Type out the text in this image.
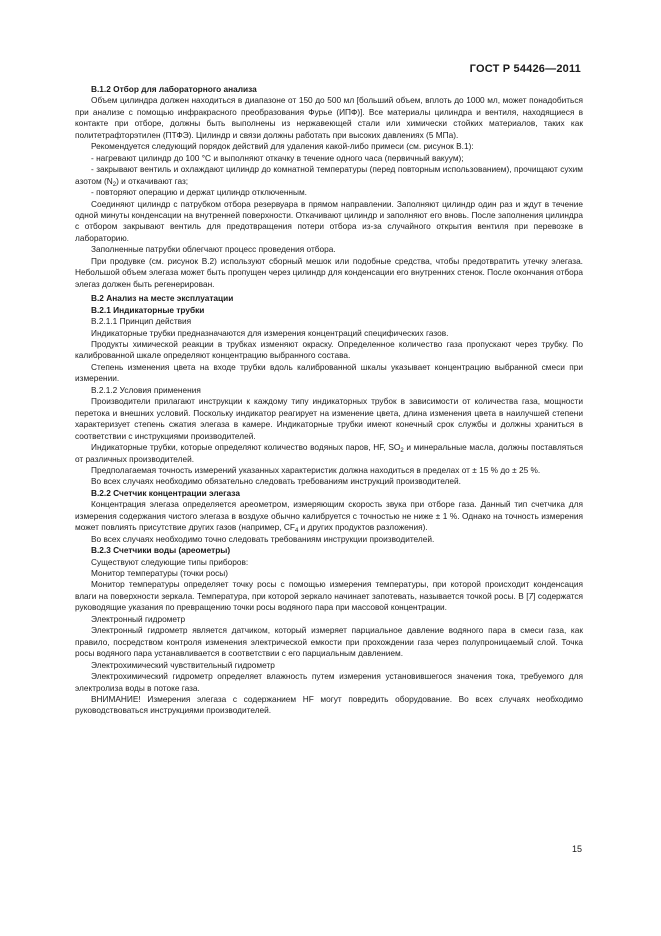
ГОСТ Р 54426—2011

В.1.2 Отбор для лабораторного анализа

Объем цилиндра должен находиться в диапазоне от 150 до 500 мл [больший объем, вплоть до 1000 мл, может понадобиться при анализе с помощью инфракрасного преобразования Фурье (ИПФ)]. Все материалы цилиндра и вентиля, находящиеся в контакте при отборе, должны быть выполнены из нержавеющей стали или химически стойких материалов, таких как политетрафторэтилен (ПТФЭ). Цилиндр и связи должны работать при высоких давлениях (5 МПа).

Рекомендуется следующий порядок действий для удаления какой-либо примеси (см. рисунок В.1):

- нагревают цилиндр до 100 °С и выполняют откачку в течение одного часа (первичный вакуум);

- закрывают вентиль и охлаждают цилиндр до комнатной температуры (перед повторным использованием), прочищают сухим азотом $(N_2)$ и откачивают газ;

- повторяют операцию и держат цилиндр отключенным.

Соединяют цилиндр с патрубком отбора резервуара в прямом направлении. Заполняют цилиндр один раз и ждут в течение одной минуты конденсации на внутренней поверхности. Откачивают цилиндр и заполняют его вновь. После заполнения цилиндра с отбором закрывают вентиль для предотвращения потери отбора из-за случайного открытия вентиля при перевозке в лабораторию.

Заполненные патрубки облегчают процесс проведения отбора.

При продувке (см. рисунок В.2) используют сборный мешок или подобные средства, чтобы предотвратить утечку элегаза. Небольшой объем элегаза может быть пропущен через цилиндр для конденсации его внутренних стенок. После окончания отбора элегаз должен быть регенерирован.

В.2 Анализ на месте эксплуатации

В.2.1 Индикаторные трубки

В.2.1.1 Принцип действия

Индикаторные трубки предназначаются для измерения концентраций специфических газов.

Продукты химической реакции в трубках изменяют окраску. Определенное количество газа пропускают через трубку. По калиброванной шкале определяют концентрацию выбранного состава.

Степень изменения цвета на входе трубки вдоль калиброванной шкалы указывает концентрацию выбранной смеси при измерении.

В.2.1.2 Условия применения

Производители прилагают инструкции к каждому типу индикаторных трубок в зависимости от количества газа, мощности перетока и внешних условий. Поскольку индикатор реагирует на изменение цвета, длина изменения цвета в наилучшей степени характеризует степень сжатия элегаза в камере. Индикаторные трубки имеют конечный срок службы и должны храниться в соответствии с инструкциями производителей.

Индикаторные трубки, которые определяют количество водяных паров, HF, $SO_2$ и минеральные масла, должны поставляться от различных производителей.

Предполагаемая точность измерений указанных характеристик должна находиться в пределах от ± 15 % до ± 25 %.

Во всех случаях необходимо обязательно следовать требованиям инструкций производителей.

В.2.2 Счетчик концентрации элегаза

Концентрация элегаза определяется ареометром, измеряющим скорость звука при отборе газа. Данный тип счетчика для измерения содержания чистого элегаза в воздухе обычно калибруется с точностью не ниже ± 1 %. Однако на точность измерения может повлиять присутствие других газов (например, $CF_4$ и других продуктов разложения).

Во всех случаях необходимо точно следовать требованиям инструкции производителей.

В.2.3 Счетчики воды (ареометры)

Существуют следующие типы приборов:

Монитор температуры (точки росы)

Монитор температуры определяет точку росы с помощью измерения температуры, при которой происходит конденсация влаги на поверхности зеркала. Температура, при которой зеркало начинает запотевать, называется точкой росы. В [7] содержатся руководящие указания по превращению точки росы водяного пара при массовой концентрации.

Электронный гидрометр

Электронный гидрометр является датчиком, который измеряет парциальное давление водяного пара в смеси газа, как правило, посредством контроля изменения электрической емкости при прохождении газа через полупроницаемый слой. Точка росы водяного пара устанавливается в соответствии с его парциальным давлением.

Электрохимический чувствительный гидрометр

Электрохимический гидрометр определяет влажность путем измерения установившегося значения тока, требуемого для электролиза воды в потоке газа.

ВНИМАНИЕ! Измерения элегаза с содержанием HF могут повредить оборудование. Во всех случаях необходимо руководствоваться инструкциями производителей.

15
